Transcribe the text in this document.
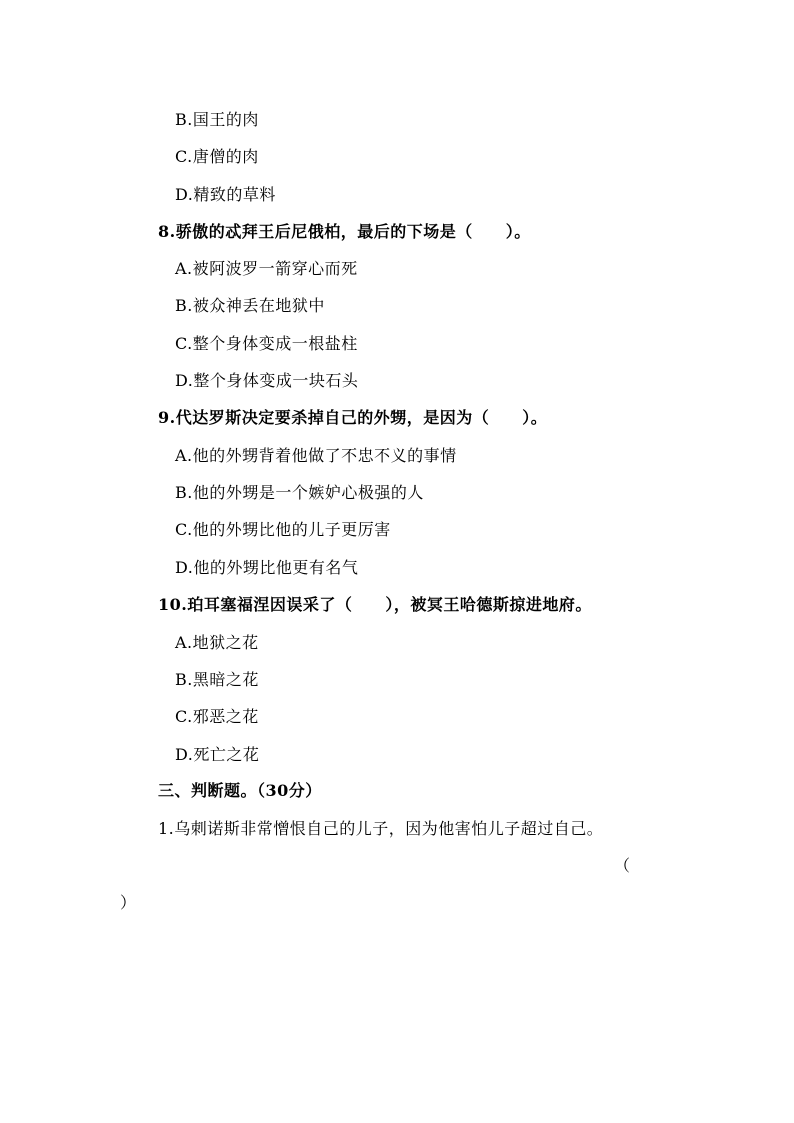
B.国王的肉
C.唐僧的肉
D.精致的草料
8.骄傲的忒拜王后尼俄柏，最后的下场是（　　）。
A.被阿波罗一箭穿心而死
B.被众神丢在地狱中
C.整个身体变成一根盐柱
D.整个身体变成一块石头
9.代达罗斯决定要杀掉自己的外甥，是因为（　　）。
A.他的外甥背着他做了不忠不义的事情
B.他的外甥是一个嫉妒心极强的人
C.他的外甥比他的儿子更厉害
D.他的外甥比他更有名气
10.珀耳塞福涅因误采了（　　），被冥王哈德斯掠进地府。
A.地狱之花
B.黑暗之花
C.邪恶之花
D.死亡之花
三、判断题。（30分）
1.乌刺诺斯非常憎恨自己的儿子，因为他害怕儿子超过自己。
（
）
